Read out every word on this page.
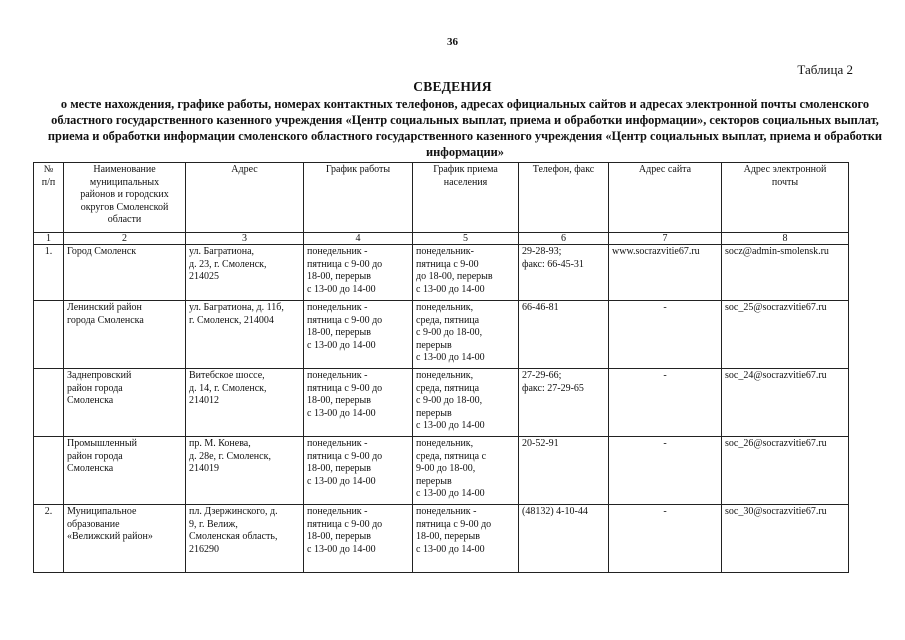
36
Таблица 2
СВЕДЕНИЯ
о месте нахождения, графике работы, номерах контактных телефонов, адресах официальных сайтов и адресах электронной почты смоленского областного государственного казенного учреждения «Центр социальных выплат, приема и обработки информации», секторов социальных выплат, приема и обработки информации смоленского областного государственного казенного учреждения «Центр социальных выплат, приема и обработки информации»
№
п/п	Наименование
муниципальных
районов и городских
округов Смоленской
области	Адрес	График работы	График приема
населения	Телефон, факс	Адрес сайта	Адрес электронной
почты
1	2	3	4	5	6	7	8
1.	Город Смоленск	ул. Багратиона,
д. 23, г. Смоленск,
214025	понедельник -
пятница с 9-00 до
18-00, перерыв
с 13-00 до 14-00	понедельник-
пятница с 9-00
до 18-00, перерыв
с 13-00 до 14-00	29-28-93;
факс: 66-45-31	www.socrazvitie67.ru	socz@admin-smolensk.ru
	Ленинский район
города Смоленска	ул. Багратиона, д. 11б,
г. Смоленск, 214004	понедельник -
пятница с 9-00 до
18-00, перерыв
с 13-00 до 14-00	понедельник,
среда, пятница
с 9-00 до 18-00,
перерыв
с 13-00 до 14-00	66-46-81	-	soc_25@socrazvitie67.ru
	Заднепровский
район города
Смоленска	Витебское шоссе,
д. 14, г. Смоленск,
214012	понедельник -
пятница с 9-00 до
18-00, перерыв
с 13-00 до 14-00	понедельник,
среда, пятница
с 9-00 до 18-00,
перерыв
с 13-00 до 14-00	27-29-66;
факс: 27-29-65	-	soc_24@socrazvitie67.ru
	Промышленный
район города
Смоленска	пр. М. Конева,
д. 28е, г. Смоленск,
214019	понедельник -
пятница с 9-00 до
18-00, перерыв
с 13-00 до 14-00	понедельник,
среда, пятница с
9-00 до 18-00,
перерыв
с 13-00 до 14-00	20-52-91	-	soc_26@socrazvitie67.ru
2.	Муниципальное
образование
«Велижский район»	пл. Дзержинского, д.
9, г. Велиж,
Смоленская область,
216290	понедельник -
пятница с 9-00 до
18-00, перерыв
с 13-00 до 14-00	понедельник -
пятница с 9-00 до
18-00, перерыв
с 13-00 до 14-00	(48132) 4-10-44	-	soc_30@socrazvitie67.ru
